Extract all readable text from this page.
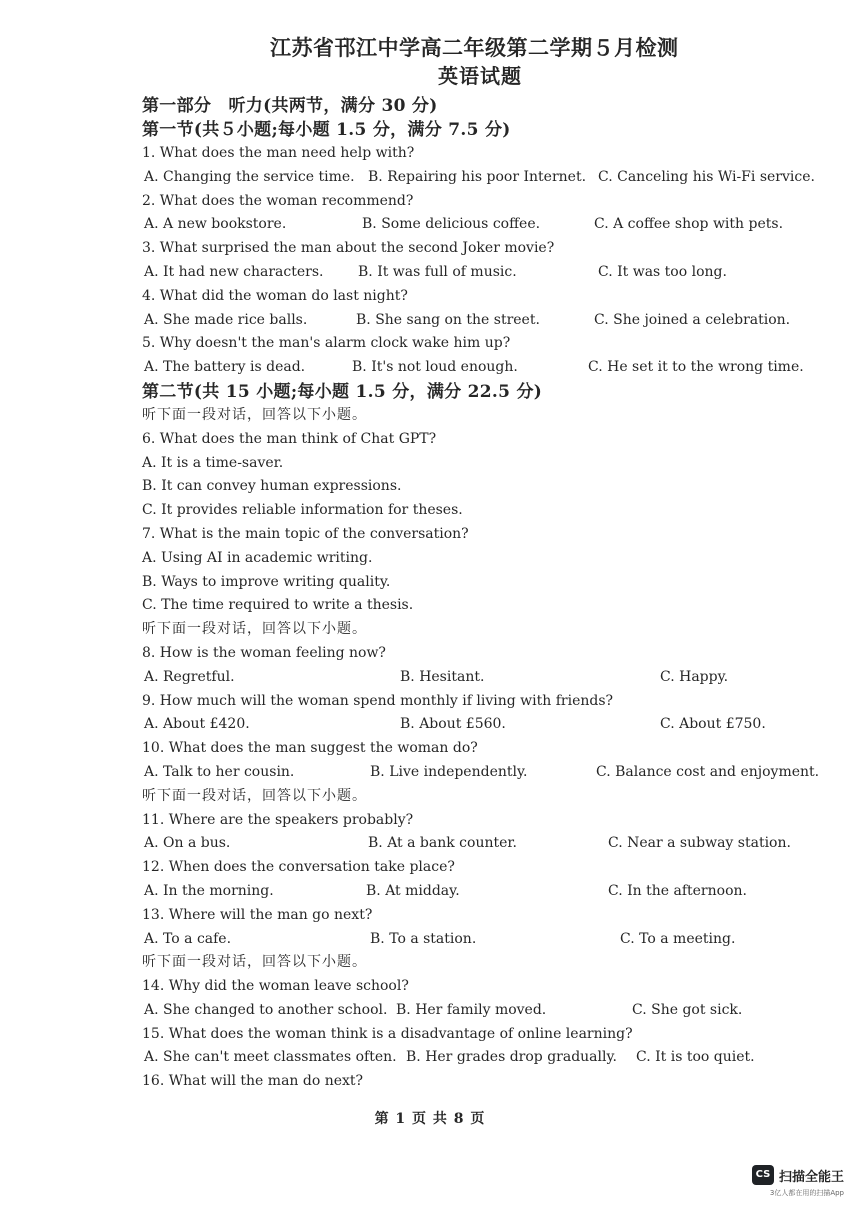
江苏省邗江中学高二年级第二学期５月检测
英语试题
第一部分　听力(共两节，满分 30 分)
第一节(共５小题;每小题 1.5 分，满分 7.5 分)
1. What does the man need help with?
A. Changing the service time. B. Repairing his poor Internet. C. Canceling his Wi-Fi service.
2. What does the woman recommend?
A. A new bookstore.	B. Some delicious coffee.	C. A coffee shop with pets.
3. What surprised the man about the second Joker movie?
A. It had new characters. B. It was full of music.	C. It was too long.
4. What did the woman do last night?
A. She made rice balls.	B. She sang on the street.	C. She joined a celebration.
5. Why doesn't the man's alarm clock wake him up?
A. The battery is dead.	B. It's not loud enough.	C. He set it to the wrong time.
第二节(共 15 小题;每小题 1.5 分，满分 22.5 分)
听下面一段对话，回答以下小题。
6. What does the man think of Chat GPT?
A. It is a time-saver.
B. It can convey human expressions.
C. It provides reliable information for theses.
7. What is the main topic of the conversation?
A. Using AI in academic writing.
B. Ways to improve writing quality.
C. The time required to write a thesis.
听下面一段对话，回答以下小题。
8. How is the woman feeling now?
A. Regretful.	B. Hesitant.	C. Happy.
9. How much will the woman spend monthly if living with friends?
A. About £420.	B. About £560.	C. About £750.
10. What does the man suggest the woman do?
A. Talk to her cousin.	B. Live independently.	C. Balance cost and enjoyment.
听下面一段对话，回答以下小题。
11. Where are the speakers probably?
A. On a bus.	B. At a bank counter.	C. Near a subway station.
12. When does the conversation take place?
A. In the morning.	B. At midday.	C. In the afternoon.
13. Where will the man go next?
A. To a cafe.	B. To a station.	C. To a meeting.
听下面一段对话，回答以下小题。
14. Why did the woman leave school?
A. She changed to another school. B. Her family moved.	C. She got sick.
15. What does the woman think is a disadvantage of online learning?
A. She can't meet classmates often. B. Her grades drop gradually. C. It is too quiet.
16. What will the man do next?
第 1 页 共 8 页
CS 扫描全能王
3亿人都在用的扫描App
